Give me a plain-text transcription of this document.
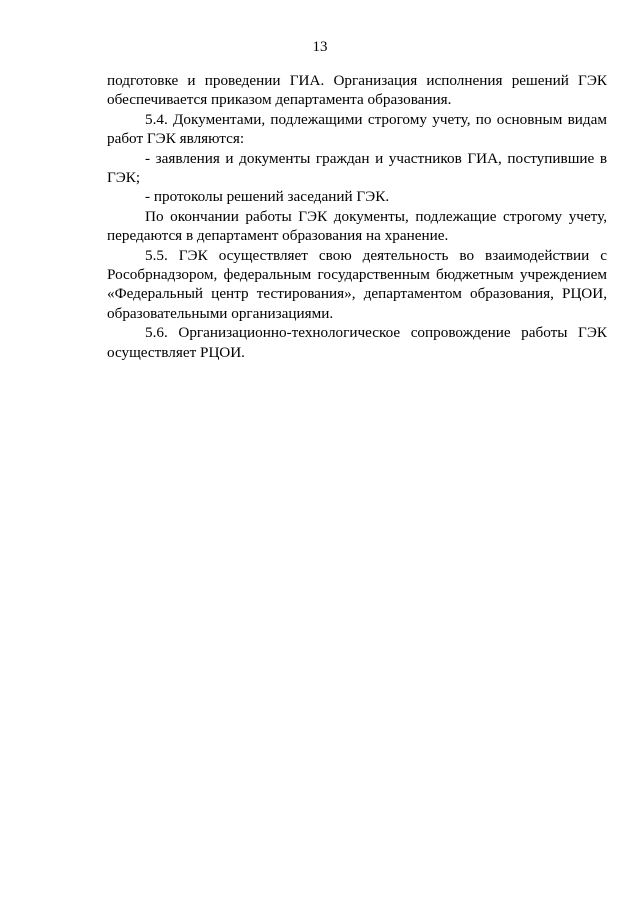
13

подготовке и проведении ГИА. Организация исполнения решений ГЭК обеспечивается приказом департамента образования.

5.4. Документами, подлежащими строгому учету, по основным видам работ ГЭК являются:

- заявления и документы граждан и участников ГИА, поступившие в ГЭК;

- протоколы решений заседаний ГЭК.

По окончании работы ГЭК документы, подлежащие строгому учету, передаются в департамент образования на хранение.

5.5. ГЭК осуществляет свою деятельность во взаимодействии с Рособрнадзором, федеральным государственным бюджетным учреждением «Федеральный центр тестирования», департаментом образования, РЦОИ, образовательными организациями.

5.6. Организационно-технологическое сопровождение работы ГЭК осуществляет РЦОИ.
